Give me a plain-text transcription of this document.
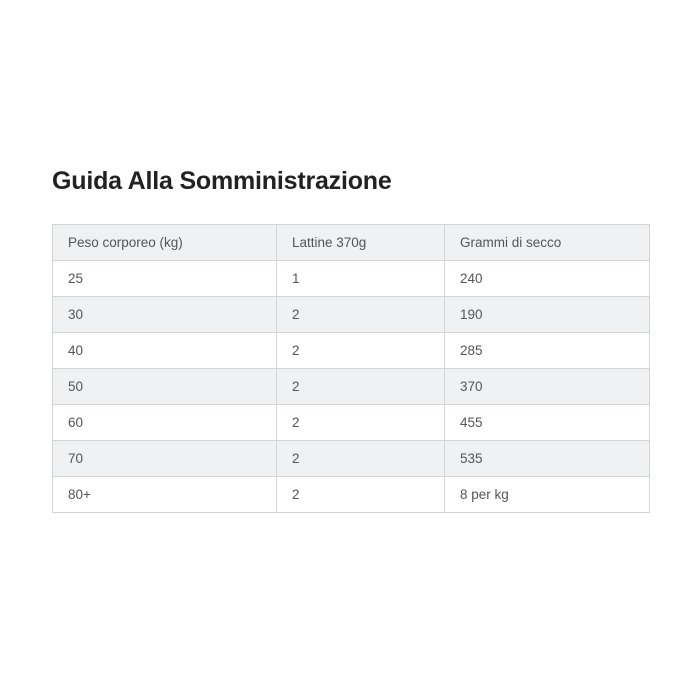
Guida Alla Somministrazione
Peso corporeo (kg)	Lattine 370g	Grammi di secco
25	1	240
30	2	190
40	2	285
50	2	370
60	2	455
70	2	535
80+	2	8 per kg
